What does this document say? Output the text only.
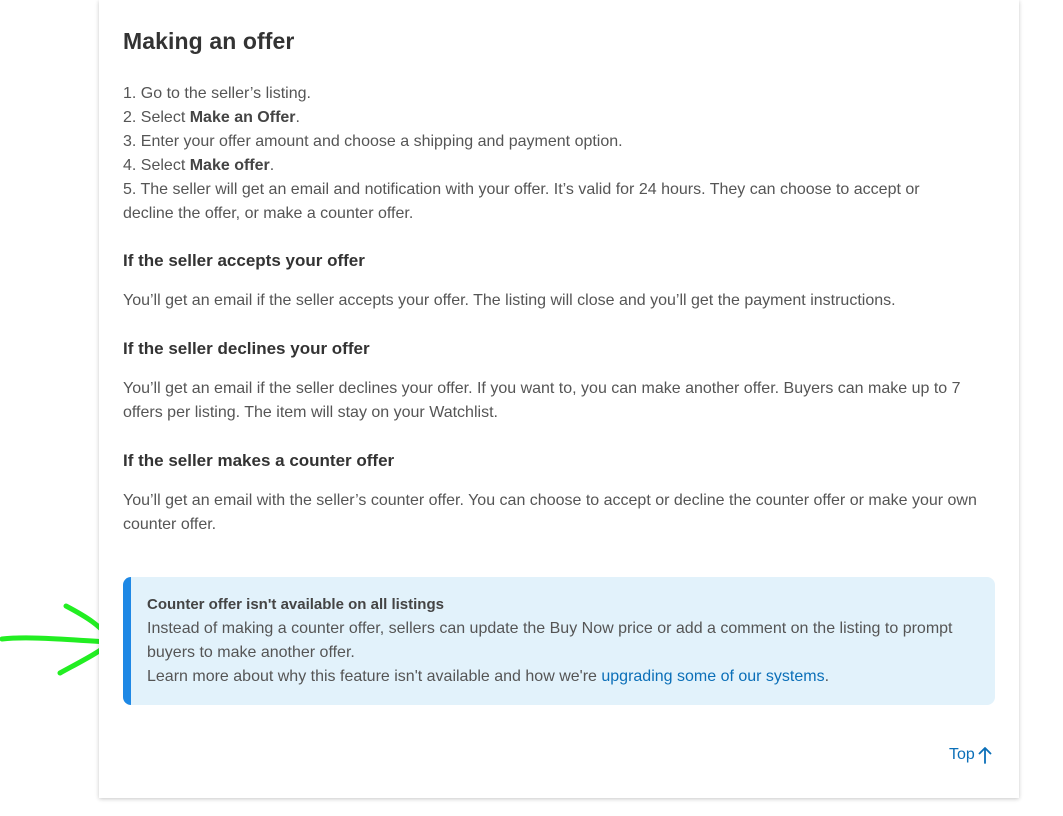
Making an offer
1. Go to the seller’s listing.
2. Select Make an Offer.
3. Enter your offer amount and choose a shipping and payment option.
4. Select Make offer.
5. The seller will get an email and notification with your offer. It’s valid for 24 hours. They can choose to accept or decline the offer, or make a counter offer.
If the seller accepts your offer

You’ll get an email if the seller accepts your offer. The listing will close and you’ll get the payment instructions.

If the seller declines your offer

You’ll get an email if the seller declines your offer. If you want to, you can make another offer. Buyers can make up to 7 offers per listing. The item will stay on your Watchlist.

If the seller makes a counter offer

You’ll get an email with the seller’s counter offer. You can choose to accept or decline the counter offer or make your own counter offer.

Counter offer isn't available on all listings
Instead of making a counter offer, sellers can update the Buy Now price or add a comment on the listing to prompt buyers to make another offer.
Learn more about why this feature isn't available and how we're upgrading some of our systems.
Top
